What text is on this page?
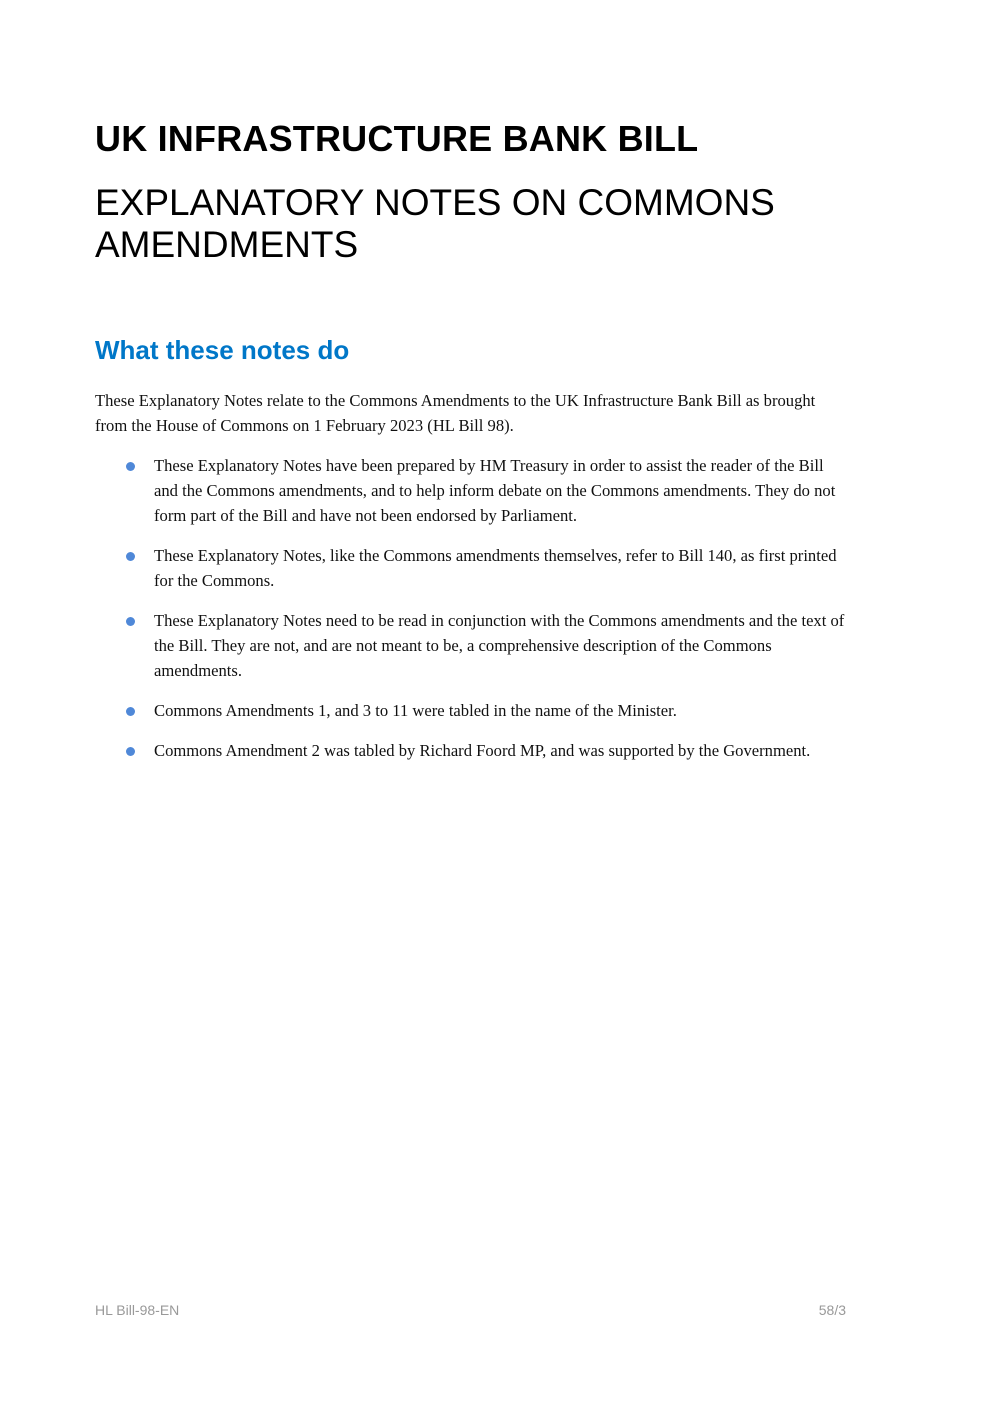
UK INFRASTRUCTURE BANK BILL
EXPLANATORY NOTES ON COMMONS AMENDMENTS
What these notes do

These Explanatory Notes relate to the Commons Amendments to the UK Infrastructure Bank Bill as brought from the House of Commons on 1 February 2023 (HL Bill 98).

These Explanatory Notes have been prepared by HM Treasury in order to assist the reader of the Bill and the Commons amendments, and to help inform debate on the Commons amendments. They do not form part of the Bill and have not been endorsed by Parliament.
These Explanatory Notes, like the Commons amendments themselves, refer to Bill 140, as first printed for the Commons.
These Explanatory Notes need to be read in conjunction with the Commons amendments and the text of the Bill. They are not, and are not meant to be, a comprehensive description of the Commons amendments.
Commons Amendments 1, and 3 to 11 were tabled in the name of the Minister.
Commons Amendment 2 was tabled by Richard Foord MP, and was supported by the Government.
HL Bill-98-EN	58/3
